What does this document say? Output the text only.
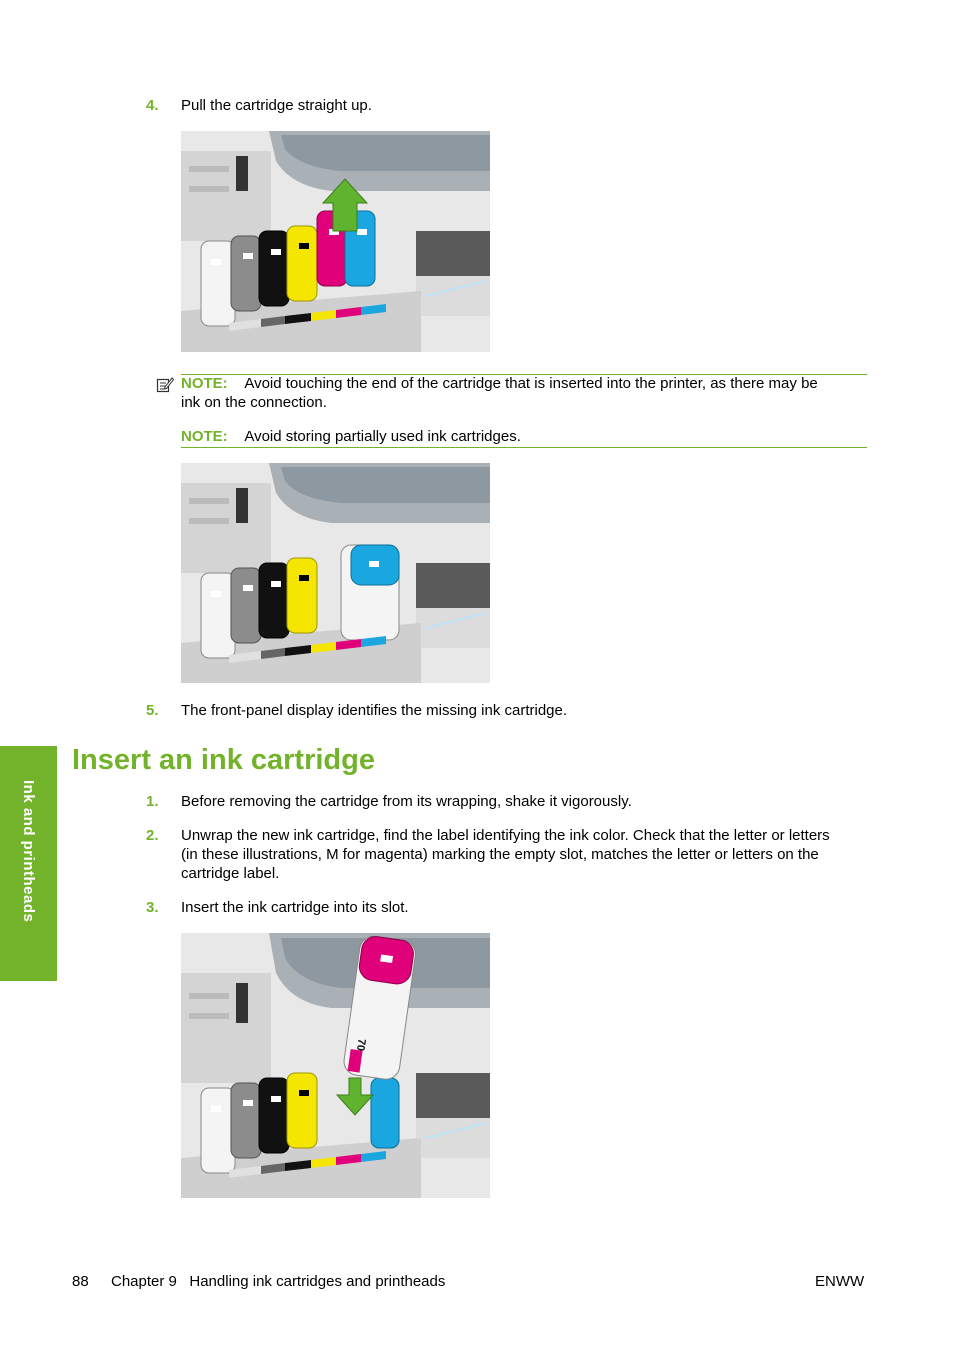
4. Pull the cartridge straight up.
NOTE: Avoid touching the end of the cartridge that is inserted into the printer, as there may be
ink on the connection.
NOTE: Avoid storing partially used ink cartridges.
5. The front-panel display identifies the missing ink cartridge.
Ink and printheads
Insert an ink cartridge
1. Before removing the cartridge from its wrapping, shake it vigorously.
2. Unwrap the new ink cartridge, find the label identifying the ink color. Check that the letter or letters
(in these illustrations, M for magenta) marking the empty slot, matches the letter or letters on the
cartridge label.
3. Insert the ink cartridge into its slot.
70
88 Chapter 9   Handling ink cartridges and printheads	ENWW
